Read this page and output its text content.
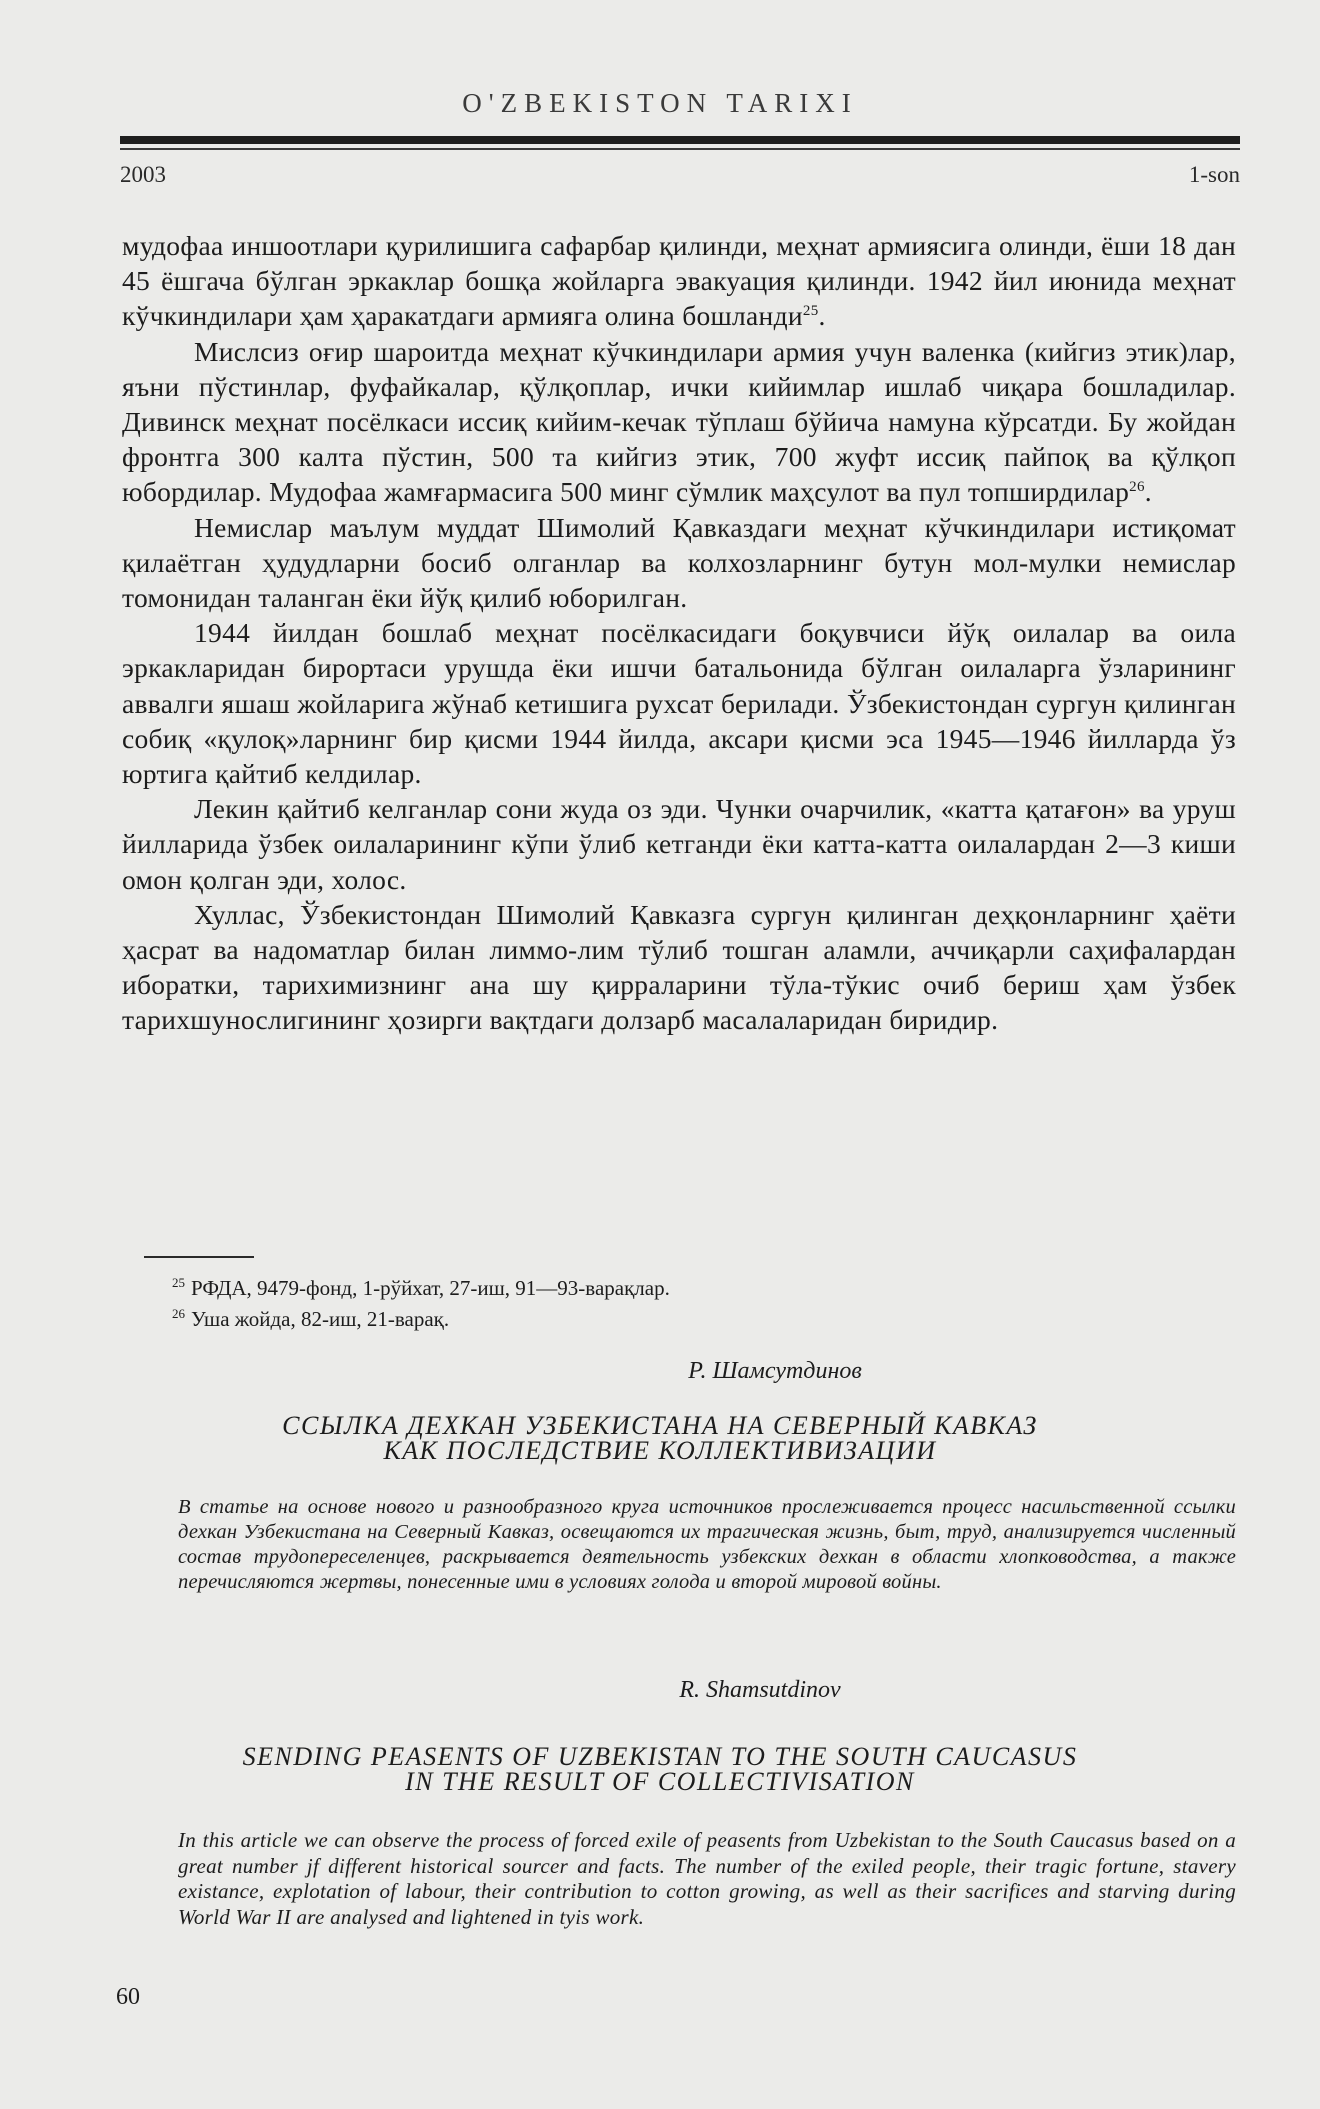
O'ZBEKISTON TARIXI
2003	1-son

мудофаа иншоотлари қурилишига сафарбар қилинди, меҳнат армиясига олинди, ёши 18 дан 45 ёшгача бўлган эркаклар бошқа жойларга эвакуация қилинди. 1942 йил июнида меҳнат кўчкиндилари ҳам ҳаракатдаги армияга олина бошланди$^{25}$.

Мислсиз оғир шароитда меҳнат кўчкиндилари армия учун валенка (кийгиз этик)лар, яъни пўстинлар, фуфайкалар, қўлқоплар, ички кийимлар ишлаб чиқара бошладилар. Дивинск меҳнат посёлкаси иссиқ кийим-кечак тўплаш бўйича намуна кўрсатди. Бу жойдан фронтга 300 калта пўстин, 500 та кийгиз этик, 700 жуфт иссиқ пайпоқ ва қўлқоп юбордилар. Мудофаа жамғармасига 500 минг сўмлик маҳсулот ва пул топширдилар$^{26}$.

Немислар маълум муддат Шимолий Қавказдаги меҳнат кўчкиндилари истиқомат қилаётган ҳудудларни босиб олганлар ва колхозларнинг бутун мол-мулки немислар томонидан таланган ёки йўқ қилиб юборилган.

1944 йилдан бошлаб меҳнат посёлкасидаги боқувчиси йўқ оилалар ва оила эркакларидан бирортаси урушда ёки ишчи батальонида бўлган оилаларга ўзларининг аввалги яшаш жойларига жўнаб кетишига рухсат берилади. Ўзбекистондан сургун қилинган собиқ «қулоқ»ларнинг бир қисми 1944 йилда, аксари қисми эса 1945—1946 йилларда ўз юртига қайтиб келдилар.

Лекин қайтиб келганлар сони жуда оз эди. Чунки очарчилик, «катта қатағон» ва уруш йилларида ўзбек оилаларининг кўпи ўлиб кетганди ёки катта-катта оилалардан 2—3 киши омон қолган эди, холос.

Хуллас, Ўзбекистондан Шимолий Қавказга сургун қилинган деҳқонларнинг ҳаёти ҳасрат ва надоматлар билан лиммо-лим тўлиб тошган аламли, аччиқарли саҳифалардан иборатки, тарихимизнинг ана шу қирраларини тўла-тўкис очиб бериш ҳам ўзбек тарихшунослигининг ҳозирги вақтдаги долзарб масалаларидан биридир.

$^{25}$ РФДА, 9479-фонд, 1-рўйхат, 27-иш, 91—93-варақлар.
$^{26}$ Уша жойда, 82-иш, 21-варақ.
Р. Шамсутдинов
ССЫЛКА ДЕХКАН УЗБЕКИСТАНА НА СЕВЕРНЫЙ КАВКАЗ
КАК ПОСЛЕДСТВИЕ КОЛЛЕКТИВИЗАЦИИ

В статье на основе нового и разнообразного круга источников прослеживается процесс насильственной ссылки дехкан Узбекистана на Северный Кавказ, освещаются их трагическая жизнь, быт, труд, анализируется численный состав трудопереселенцев, раскрывается деятельность узбекских дехкан в области хлопководства, а также перечисляются жертвы, понесенные ими в условиях голода и второй мировой войны.

R. Shamsutdinov
SENDING PEASENTS OF UZBEKISTAN TO THE SOUTH CAUCASUS
IN THE RESULT OF COLLECTIVISATION

In this article we can observe the process of forced exile of peasents from Uzbekistan to the South Caucasus based on a great number jf different historical sourcer and facts. The number of the exiled people, their tragic fortune, stavery existance, explotation of labour, their contribution to cotton growing, as well as their sacrifices and starving during World War II are analysed and lightened in tyis work.

60
